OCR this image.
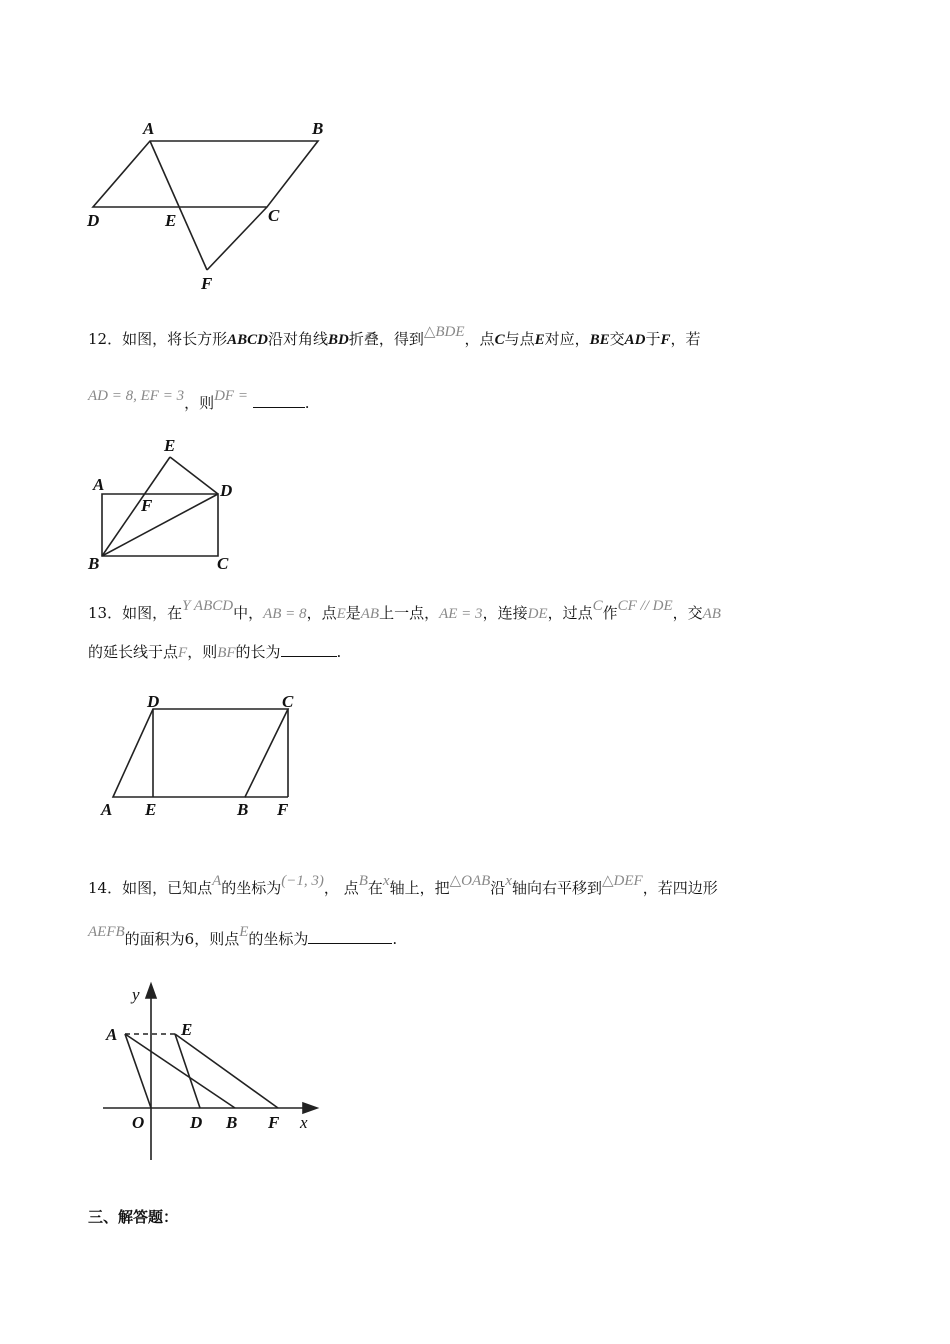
A	B
C
D	E
F
12．如图，将长方形ABCD沿对角线BD折叠，得到△BDE，点C与点E对应，BE交AD于F，若
AD = 8, EF = 3，则DF =	.
E
A	D
F
B	C
13．如图，在Y ABCD中，AB = 8，点E是AB上一点，AE = 3，连接DE，过点C作CF // DE，交AB
的延长线于点F，则BF的长为	.
D	C
A E	B F
14．如图，已知点A的坐标为(−1, 3)， 点B在x轴上，把△OAB沿x轴向右平移到△DEF，若四边形
AEFB的面积为6，则点E的坐标为	.
y
A	E
O	D B F x
三、解答题：
